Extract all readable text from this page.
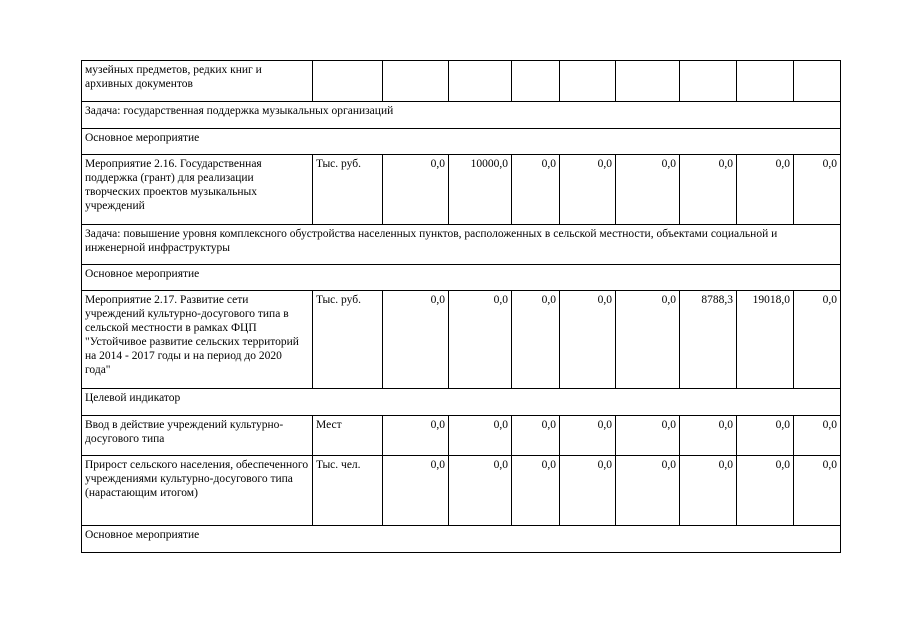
музейных предметов, редких книг и архивных документов									
Задача: государственная поддержка музыкальных организаций									
Основное мероприятие									
Мероприятие 2.16. Государственная поддержка (грант) для реализации творческих проектов музыкальных учреждений	Тыс. руб.	0,0	10000,0	0,0	0,0	0,0	0,0	0,0	0,0
Задача: повышение уровня комплексного обустройства населенных пунктов, расположенных в сельской местности, объектами социальной и инженерной инфраструктуры									
Основное мероприятие									
Мероприятие 2.17. Развитие сети учреждений культурно-досугового типа в сельской местности в рамках ФЦП "Устойчивое развитие сельских территорий на 2014 - 2017 годы и на период до 2020 года"	Тыс. руб.	0,0	0,0	0,0	0,0	0,0	8788,3	19018,0	0,0
Целевой индикатор									
Ввод в действие учреждений культурно-досугового типа	Мест	0,0	0,0	0,0	0,0	0,0	0,0	0,0	0,0
Прирост сельского населения, обеспеченного учреждениями культурно-досугового типа (нарастающим итогом)	Тыс. чел.	0,0	0,0	0,0	0,0	0,0	0,0	0,0	0,0
Основное мероприятие									
